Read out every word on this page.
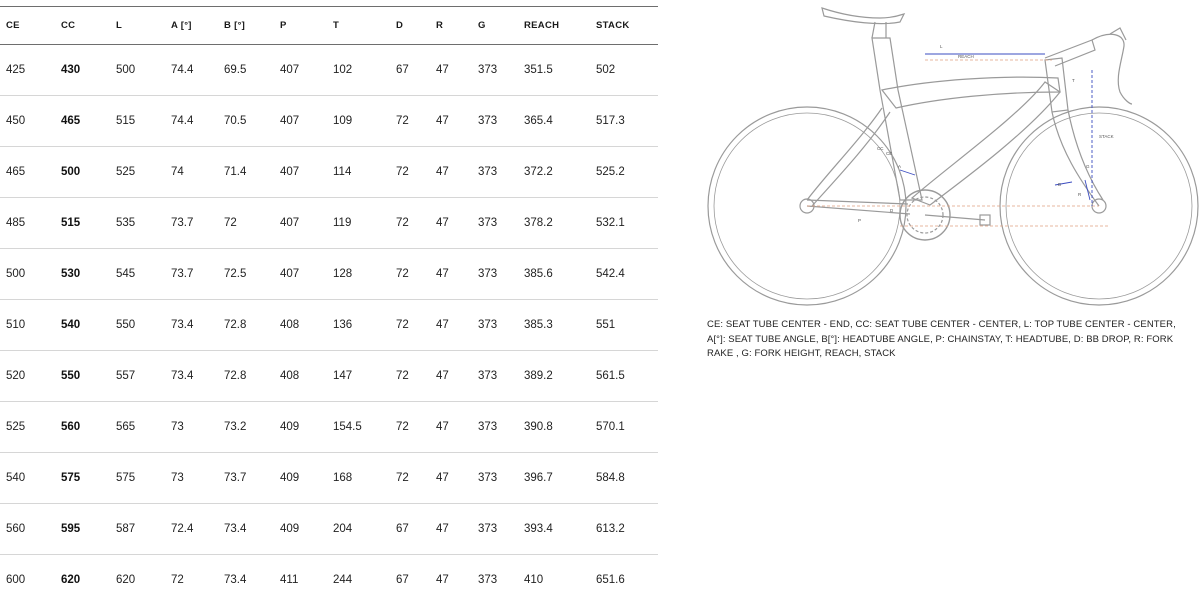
CE	CC	L	A [°]	B [°]	P	T	D	R	G	REACH	STACK
425	430	500	74.4	69.5	407	102	67	47	373	351.5	502
450	465	515	74.4	70.5	407	109	72	47	373	365.4	517.3
465	500	525	74	71.4	407	114	72	47	373	372.2	525.2
485	515	535	73.7	72	407	119	72	47	373	378.2	532.1
500	530	545	73.7	72.5	407	128	72	47	373	385.6	542.4
510	540	550	73.4	72.8	408	136	72	47	373	385.3	551
520	550	557	73.4	72.8	408	147	72	47	373	389.2	561.5
525	560	565	73	73.2	409	154.5	72	47	373	390.8	570.1
540	575	575	73	73.7	409	168	72	47	373	396.7	584.8
560	595	587	72.4	73.4	409	204	67	47	373	393.4	613.2
600	620	620	72	73.4	411	244	67	47	373	410	651.6
REACH
STACK
L
CC
CE
A
B
T
P
D
R
G
CE: SEAT TUBE CENTER - END, CC: SEAT TUBE CENTER - CENTER, L: TOP TUBE CENTER - CENTER, A[°]: SEAT TUBE ANGLE, B[°]: HEADTUBE ANGLE, P: CHAINSTAY, T: HEADTUBE, D: BB DROP, R: FORK RAKE , G: FORK HEIGHT, REACH, STACK
